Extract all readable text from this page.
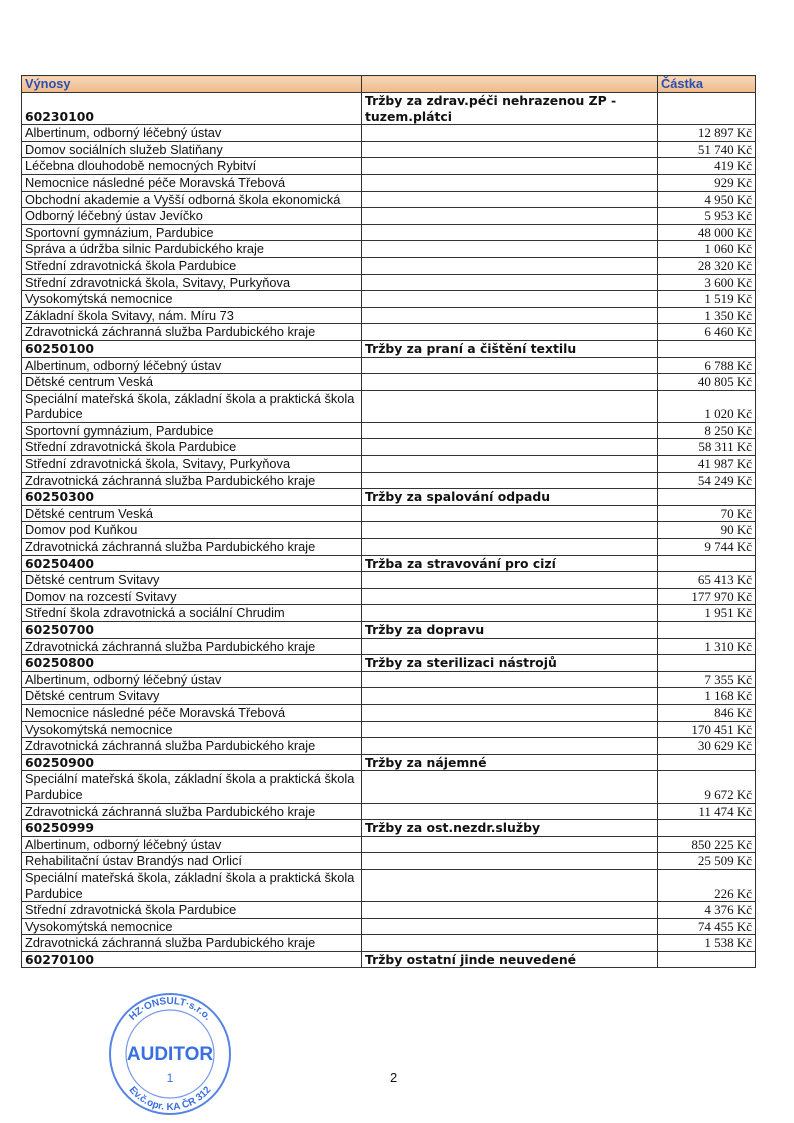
Výnosy		Částka
60230100	Tržby za zdrav.péči nehrazenou ZP - tuzem.plátci	
Albertinum, odborný léčebný ústav		12 897 Kč
Domov sociálních služeb Slatiňany		51 740 Kč
Léčebna dlouhodobě nemocných Rybitví		419 Kč
Nemocnice následné péče Moravská Třebová		929 Kč
Obchodní akademie a Vyšší odborná škola ekonomická		4 950 Kč
Odborný léčebný ústav Jevíčko		5 953 Kč
Sportovní gymnázium, Pardubice		48 000 Kč
Správa a údržba silnic Pardubického kraje		1 060 Kč
Střední zdravotnická škola Pardubice		28 320 Kč
Střední zdravotnická škola, Svitavy, Purkyňova		3 600 Kč
Vysokomýtská nemocnice		1 519 Kč
Základní škola Svitavy, nám. Míru 73		1 350 Kč
Zdravotnická záchranná služba Pardubického kraje		6 460 Kč
60250100	Tržby za praní a čištění textilu	
Albertinum, odborný léčebný ústav		6 788 Kč
Dětské centrum Veská		40 805 Kč
Speciální mateřská škola, základní škola a praktická škola Pardubice		1 020 Kč
Sportovní gymnázium, Pardubice		8 250 Kč
Střední zdravotnická škola Pardubice		58 311 Kč
Střední zdravotnická škola, Svitavy, Purkyňova		41 987 Kč
Zdravotnická záchranná služba Pardubického kraje		54 249 Kč
60250300	Tržby za spalování odpadu	
Dětské centrum Veská		70 Kč
Domov pod Kuňkou		90 Kč
Zdravotnická záchranná služba Pardubického kraje		9 744 Kč
60250400	Tržba za stravování pro cizí	
Dětské centrum Svitavy		65 413 Kč
Domov na rozcestí Svitavy		177 970 Kč
Střední škola zdravotnická a sociální Chrudim		1 951 Kč
60250700	Tržby za dopravu	
Zdravotnická záchranná služba Pardubického kraje		1 310 Kč
60250800	Tržby za sterilizaci nástrojů	
Albertinum, odborný léčebný ústav		7 355 Kč
Dětské centrum Svitavy		1 168 Kč
Nemocnice následné péče Moravská Třebová		846 Kč
Vysokomýtská nemocnice		170 451 Kč
Zdravotnická záchranná služba Pardubického kraje		30 629 Kč
60250900	Tržby za nájemné	
Speciální mateřská škola, základní škola a praktická škola Pardubice		9 672 Kč
Zdravotnická záchranná služba Pardubického kraje		11 474 Kč
60250999	Tržby za ost.nezdr.služby	
Albertinum, odborný léčebný ústav		850 225 Kč
Rehabilitační ústav Brandýs nad Orlicí		25 509 Kč
Speciální mateřská škola, základní škola a praktická škola Pardubice		226 Kč
Střední zdravotnická škola Pardubice		4 376 Kč
Vysokomýtská nemocnice		74 455 Kč
Zdravotnická záchranná služba Pardubického kraje		1 538 Kč
60270100	Tržby ostatní jinde neuvedené	
2
HZ·ONSULT·s.r.o.
Ev.č.opr. KA ČR 312
AUDITOR
1
